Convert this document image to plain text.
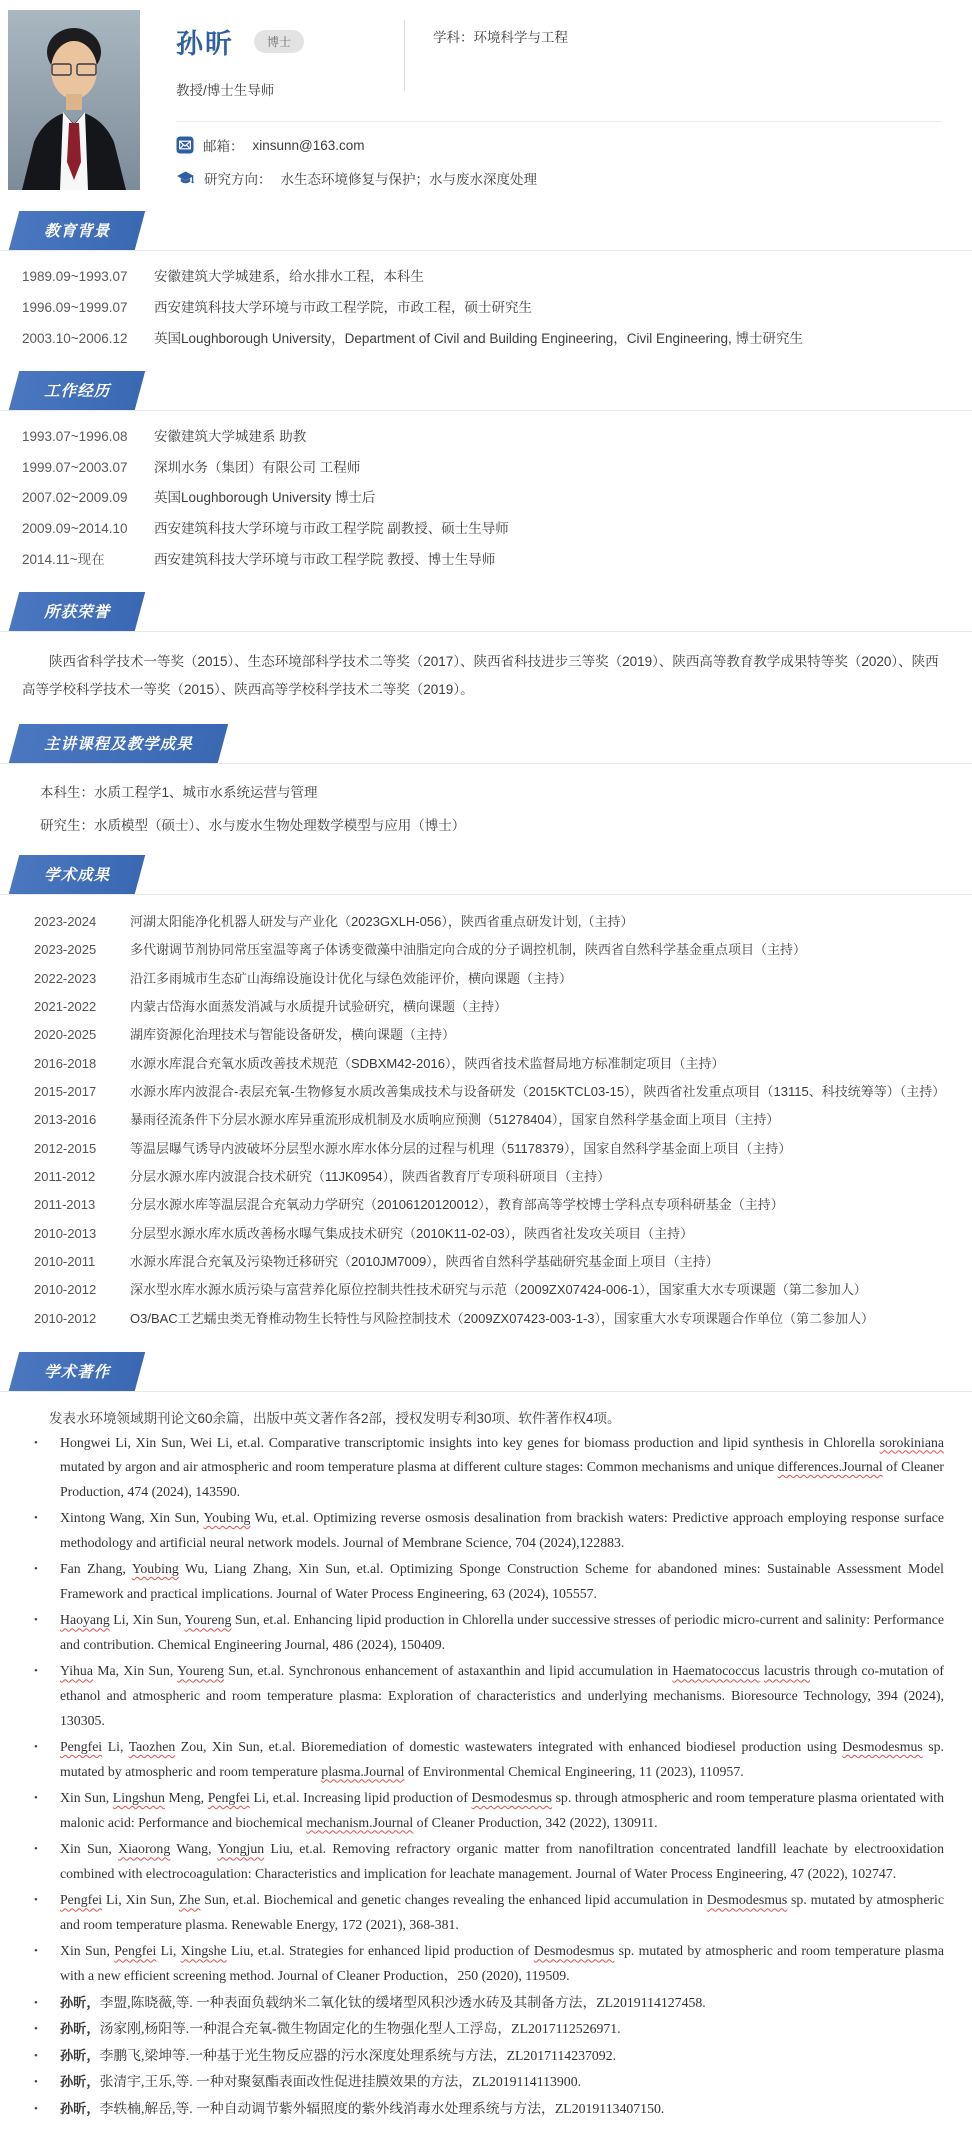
孙昕	博士
教授/博士生导师
学科：环境科学与工程
邮箱： xinsunn@163.com
研究方向： 水生态环境修复与保护；水与废水深度处理
教育背景
1989.09~1993.07	安徽建筑大学城建系，给水排水工程，本科生
1996.09~1999.07	西安建筑科技大学环境与市政工程学院，市政工程，硕士研究生
2003.10~2006.12	英国Loughborough University，Department of Civil and Building Engineering，Civil Engineering, 博士研究生
工作经历
1993.07~1996.08	安徽建筑大学城建系 助教
1999.07~2003.07	深圳水务（集团）有限公司 工程师
2007.02~2009.09	英国Loughborough University 博士后
2009.09~2014.10	西安建筑科技大学环境与市政工程学院 副教授、硕士生导师
2014.11~现在	西安建筑科技大学环境与市政工程学院 教授、博士生导师
所获荣誉

陕西省科学技术一等奖（2015）、生态环境部科学技术二等奖（2017）、陕西省科技进步三等奖（2019）、陕西高等教育教学成果特等奖（2020）、陕西高等学校科学技术一等奖（2015）、陕西高等学校科学技术二等奖（2019）。

主讲课程及教学成果
本科生：水质工程学1、城市水系统运营与管理
研究生：水质模型（硕士）、水与废水生物处理数学模型与应用（博士）
学术成果
2023-2024	河湖太阳能净化机器人研发与产业化（2023GXLH-056），陕西省重点研发计划,（主持）
2023-2025	多代谢调节剂协同常压室温等离子体诱变微藻中油脂定向合成的分子调控机制，陕西省自然科学基金重点项目（主持）
2022-2023	沿江多雨城市生态矿山海绵设施设计优化与绿色效能评价，横向课题（主持）
2021-2022	内蒙古岱海水面蒸发消减与水质提升试验研究，横向课题（主持）
2020-2025	湖库资源化治理技术与智能设备研发，横向课题（主持）
2016-2018	水源水库混合充氧水质改善技术规范（SDBXM42-2016），陕西省技术监督局地方标准制定项目（主持）
2015-2017	水源水库内波混合-表层充氧-生物修复水质改善集成技术与设备研发（2015KTCL03-15），陕西省社发重点项目（13115、科技统筹等）（主持）
2013-2016	暴雨径流条件下分层水源水库异重流形成机制及水质响应预测（51278404），国家自然科学基金面上项目（主持）
2012-2015	等温层曝气诱导内波破坏分层型水源水库水体分层的过程与机理（51178379），国家自然科学基金面上项目（主持）
2011-2012	分层水源水库内波混合技术研究（11JK0954），陕西省教育厅专项科研项目（主持）
2011-2013	分层水源水库等温层混合充氧动力学研究（20106120120012），教育部高等学校博士学科点专项科研基金（主持）
2010-2013	分层型水源水库水质改善杨水曝气集成技术研究（2010K11-02-03），陕西省社发攻关项目（主持）
2010-2011	水源水库混合充氧及污染物迁移研究（2010JM7009），陕西省自然科学基础研究基金面上项目（主持）
2010-2012	深水型水库水源水质污染与富营养化原位控制共性技术研究与示范（2009ZX07424-006-1），国家重大水专项课题（第二参加人）
2010-2012	O3/BAC工艺蠕虫类无脊椎动物生长特性与风险控制技术（2009ZX07423-003-1-3），国家重大水专项课题合作单位（第二参加人）
学术著作

发表水环境领域期刊论文60余篇，出版中英文著作各2部，授权发明专利30项、软件著作权4项。

• Hongwei Li, Xin Sun, Wei Li, et.al. Comparative transcriptomic insights into key genes for biomass production and lipid synthesis in Chlorella sorokiniana mutated by argon and air atmospheric and room temperature plasma at different culture stages: Common mechanisms and unique differences.Journal of Cleaner Production, 474 (2024), 143590.
• Xintong Wang, Xin Sun, Youbing Wu, et.al. Optimizing reverse osmosis desalination from brackish waters: Predictive approach employing response surface methodology and artificial neural network models. Journal of Membrane Science, 704 (2024),122883.
• Fan Zhang, Youbing Wu, Liang Zhang, Xin Sun, et.al. Optimizing Sponge Construction Scheme for abandoned mines: Sustainable Assessment Model Framework and practical implications. Journal of Water Process Engineering, 63 (2024), 105557.
• Haoyang Li, Xin Sun, Youreng Sun, et.al. Enhancing lipid production in Chlorella under successive stresses of periodic micro-current and salinity: Performance and contribution. Chemical Engineering Journal, 486 (2024), 150409.
• Yihua Ma, Xin Sun, Youreng Sun, et.al. Synchronous enhancement of astaxanthin and lipid accumulation in Haematococcus lacustris through co-mutation of ethanol and atmospheric and room temperature plasma: Exploration of characteristics and underlying mechanisms. Bioresource Technology, 394 (2024), 130305.
• Pengfei Li, Taozhen Zou, Xin Sun, et.al. Bioremediation of domestic wastewaters integrated with enhanced biodiesel production using Desmodesmus sp. mutated by atmospheric and room temperature plasma.Journal of Environmental Chemical Engineering, 11 (2023), 110957.
• Xin Sun, Lingshun Meng, Pengfei Li, et.al. Increasing lipid production of Desmodesmus sp. through atmospheric and room temperature plasma orientated with malonic acid: Performance and biochemical mechanism.Journal of Cleaner Production, 342 (2022), 130911.
• Xin Sun, Xiaorong Wang, Yongjun Liu, et.al. Removing refractory organic matter from nanofiltration concentrated landfill leachate by electrooxidation combined with electrocoagulation: Characteristics and implication for leachate management. Journal of Water Process Engineering, 47 (2022), 102747.
• Pengfei Li, Xin Sun, Zhe Sun, et.al. Biochemical and genetic changes revealing the enhanced lipid accumulation in Desmodesmus sp. mutated by atmospheric and room temperature plasma. Renewable Energy, 172 (2021), 368-381.
• Xin Sun, Pengfei Li, Xingshe Liu, et.al. Strategies for enhanced lipid production of Desmodesmus sp. mutated by atmospheric and room temperature plasma with a new efficient screening method. Journal of Cleaner Production，250 (2020), 119509.
• 孙昕，李盟,陈晓薇,等. 一种表面负载纳米二氧化钛的缓堵型风积沙透水砖及其制备方法，ZL2019114127458.
• 孙昕，汤家刚,杨阳等.一种混合充氧-微生物固定化的生物强化型人工浮岛，ZL2017112526971.
• 孙昕，李鹏飞,梁坤等.一种基于光生物反应器的污水深度处理系统与方法，ZL2017114237092.
• 孙昕，张清宇,王乐,等. 一种对聚氨酯表面改性促进挂膜效果的方法，ZL2019114113900.
• 孙昕，李轶楠,解岳,等. 一种自动调节紫外辐照度的紫外线消毒水处理系统与方法，ZL2019113407150.
